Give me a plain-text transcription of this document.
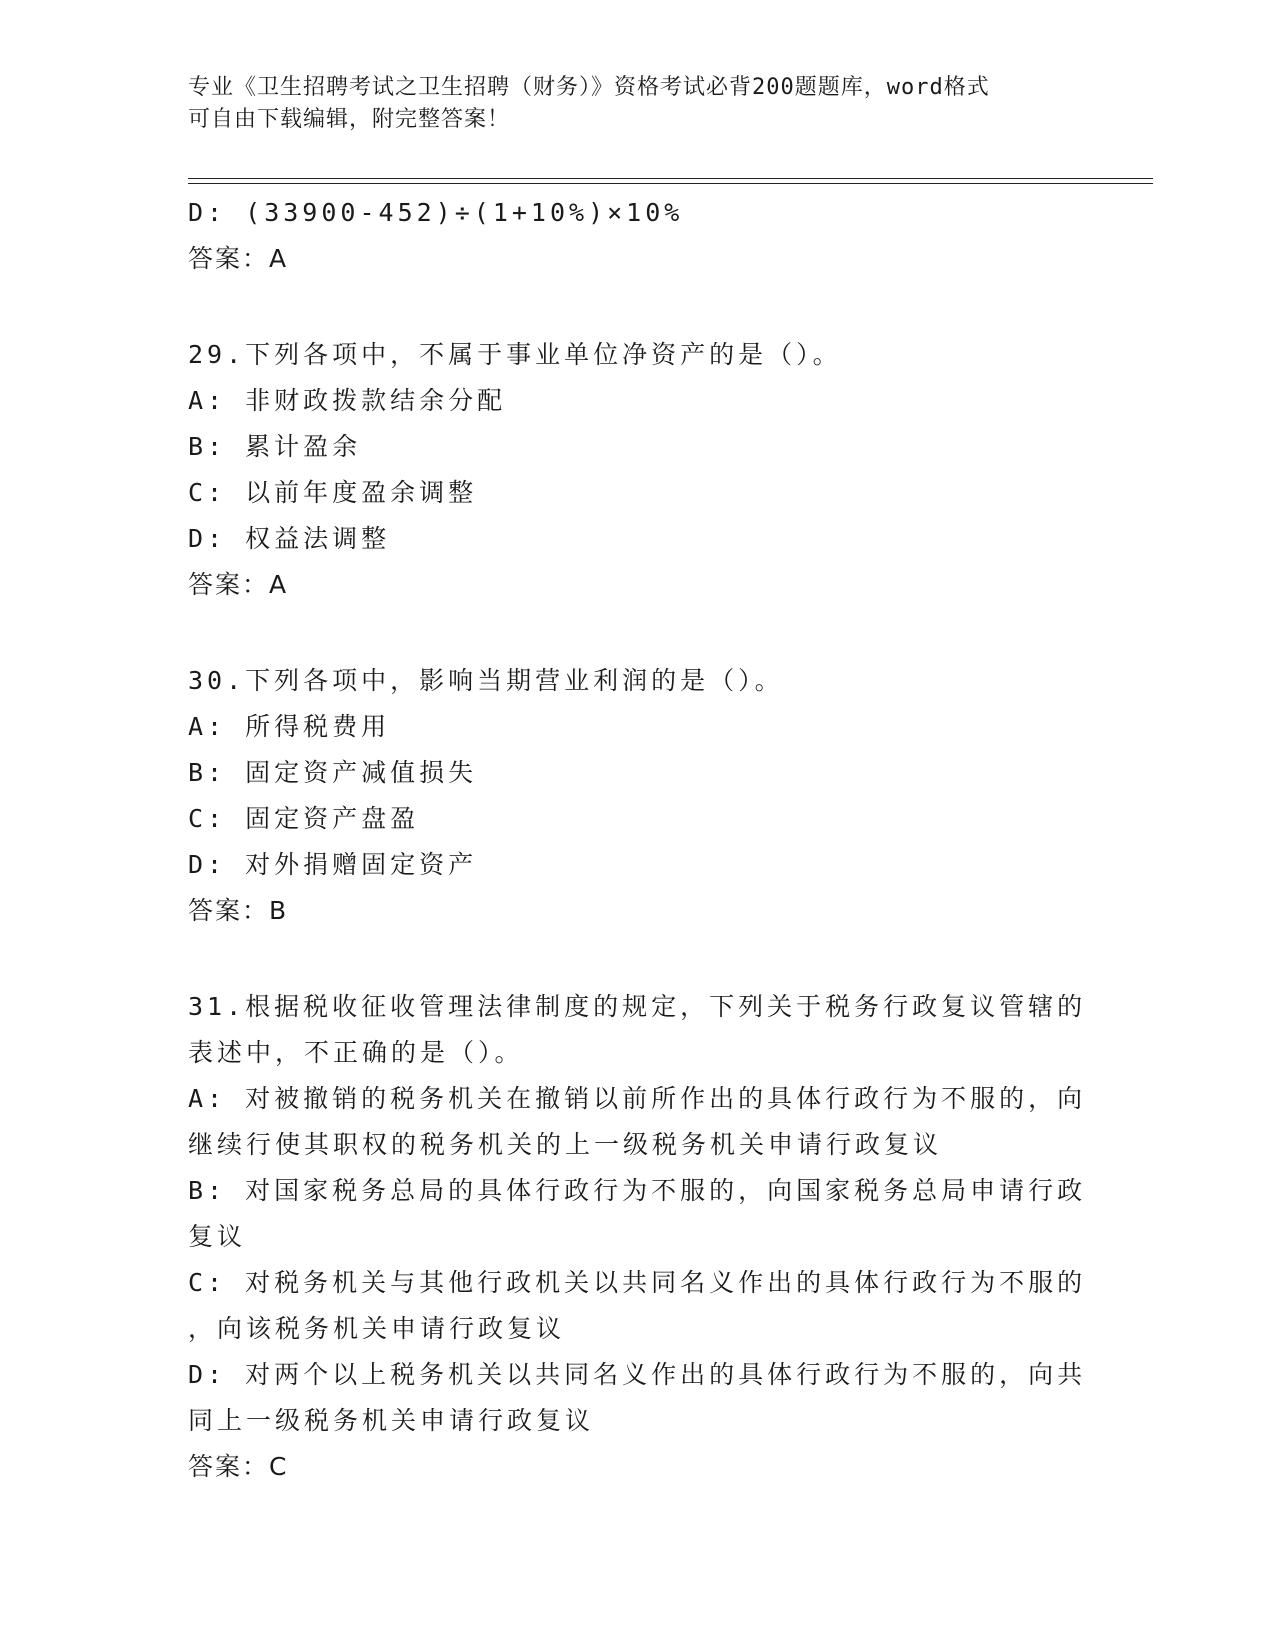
专业《卫生招聘考试之卫生招聘（财务）》资格考试必背200题题库，word格式
可自由下载编辑，附完整答案！
D: (33900-452)÷(1+10%)×10%
答案：A
29.下列各项中，不属于事业单位净资产的是（）。
A: 非财政拨款结余分配
B: 累计盈余
C: 以前年度盈余调整
D: 权益法调整
答案：A
30.下列各项中，影响当期营业利润的是（）。
A: 所得税费用
B: 固定资产减值损失
C: 固定资产盘盈
D: 对外捐赠固定资产
答案：B
31.根据税收征收管理法律制度的规定，下列关于税务行政复议管辖的
表述中，不正确的是（）。
A: 对被撤销的税务机关在撤销以前所作出的具体行政行为不服的，向
继续行使其职权的税务机关的上一级税务机关申请行政复议
B: 对国家税务总局的具体行政行为不服的，向国家税务总局申请行政
复议
C: 对税务机关与其他行政机关以共同名义作出的具体行政行为不服的
，向该税务机关申请行政复议
D: 对两个以上税务机关以共同名义作出的具体行政行为不服的，向共
同上一级税务机关申请行政复议
答案：C
